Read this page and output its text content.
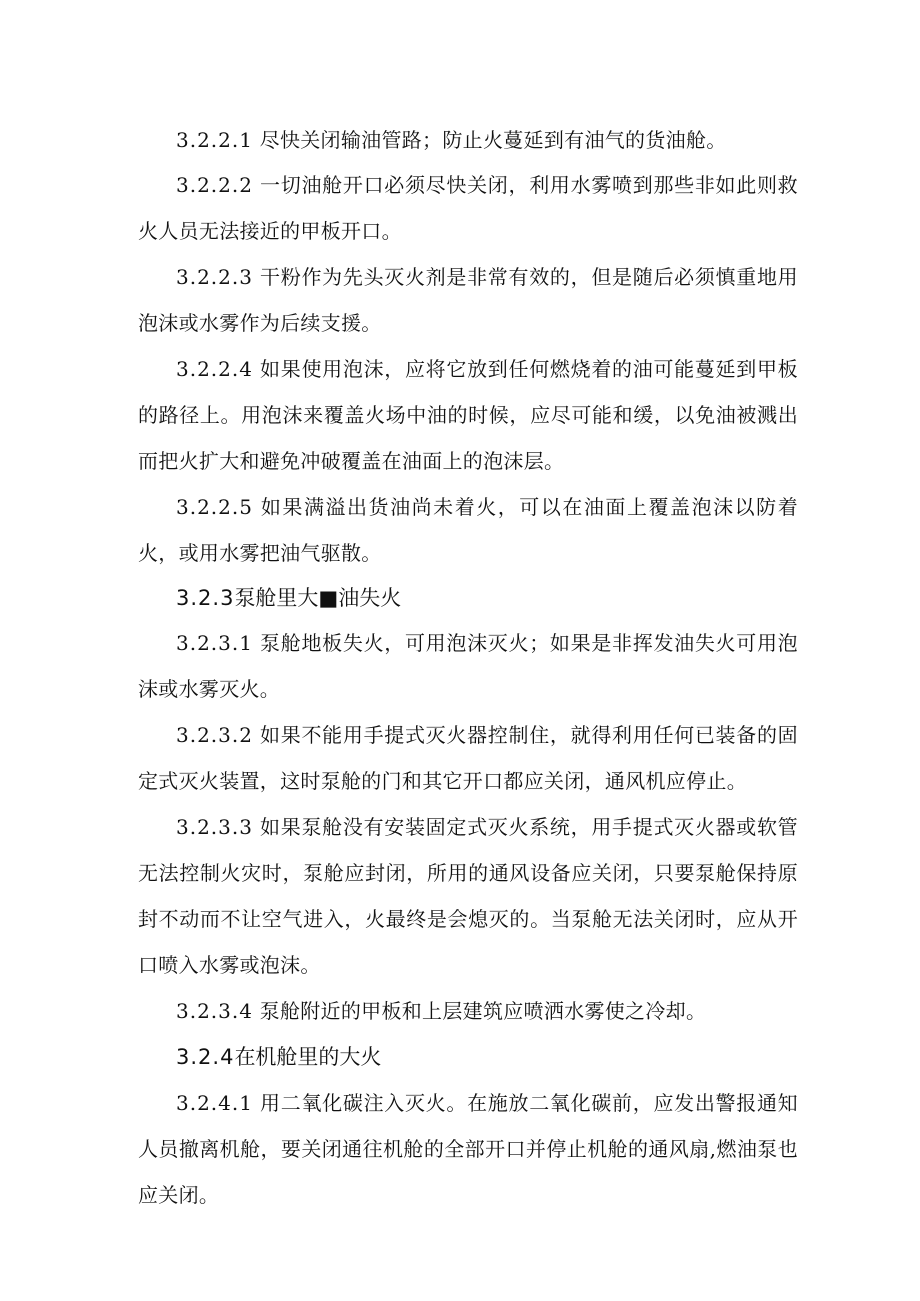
3.2.2.1 尽快关闭输油管路；防止火蔓延到有油气的货油舱。

3.2.2.2 一切油舱开口必须尽快关闭，利用水雾喷到那些非如此则救火人员无法接近的甲板开口。

3.2.2.3 干粉作为先头灭火剂是非常有效的，但是随后必须慎重地用泡沫或水雾作为后续支援。

3.2.2.4 如果使用泡沫，应将它放到任何燃烧着的油可能蔓延到甲板的路径上。用泡沫来覆盖火场中油的时候，应尽可能和缓，以免油被溅出而把火扩大和避免冲破覆盖在油面上的泡沫层。

3.2.2.5 如果满溢出货油尚未着火，可以在油面上覆盖泡沫以防着火，或用水雾把油气驱散。

3.2.3泵舱里大■油失火

3.2.3.1 泵舱地板失火，可用泡沫灭火；如果是非挥发油失火可用泡沫或水雾灭火。

3.2.3.2 如果不能用手提式灭火器控制住，就得利用任何已装备的固定式灭火装置，这时泵舱的门和其它开口都应关闭，通风机应停止。

3.2.3.3 如果泵舱没有安装固定式灭火系统，用手提式灭火器或软管无法控制火灾时，泵舱应封闭，所用的通风设备应关闭，只要泵舱保持原封不动而不让空气进入，火最终是会熄灭的。当泵舱无法关闭时，应从开口喷入水雾或泡沫。

3.2.3.4 泵舱附近的甲板和上层建筑应喷洒水雾使之冷却。

3.2.4在机舱里的大火

3.2.4.1 用二氧化碳注入灭火。在施放二氧化碳前，应发出警报通知人员撤离机舱，要关闭通往机舱的全部开口并停止机舱的通风扇,燃油泵也应关闭。
